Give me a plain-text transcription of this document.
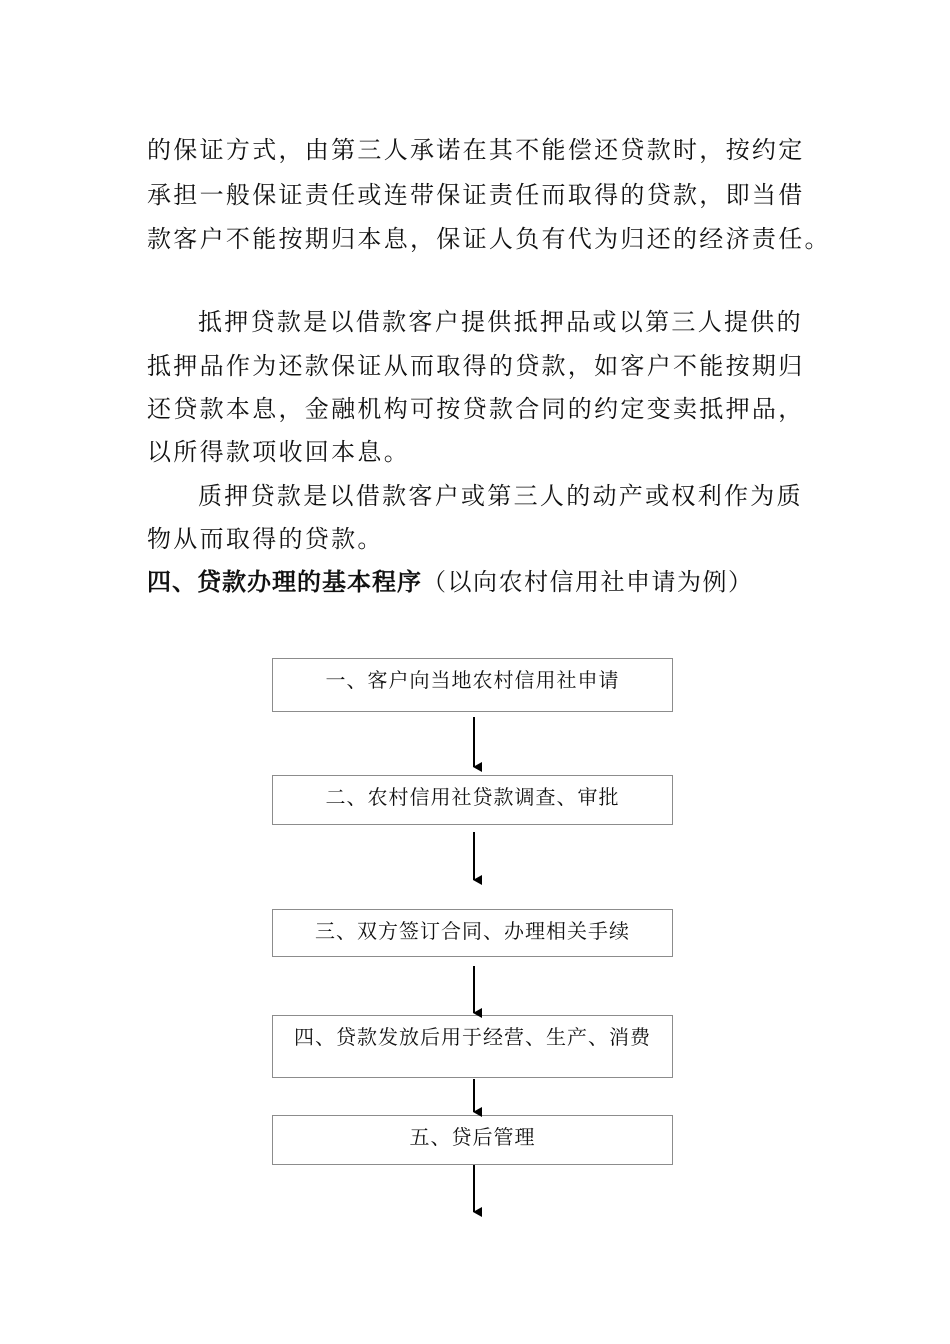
的保证方式，由第三人承诺在其不能偿还贷款时，按约定
承担一般保证责任或连带保证责任而取得的贷款，即当借
款客户不能按期归本息，保证人负有代为归还的经济责任。
抵押贷款是以借款客户提供抵押品或以第三人提供的
抵押品作为还款保证从而取得的贷款，如客户不能按期归
还贷款本息，金融机构可按贷款合同的约定变卖抵押品，
以所得款项收回本息。
质押贷款是以借款客户或第三人的动产或权利作为质
物从而取得的贷款。
四、贷款办理的基本程序（以向农村信用社申请为例）
一、客户向当地农村信用社申请
二、农村信用社贷款调查、审批
三、双方签订合同、办理相关手续
四、贷款发放后用于经营、生产、消费
五、贷后管理
